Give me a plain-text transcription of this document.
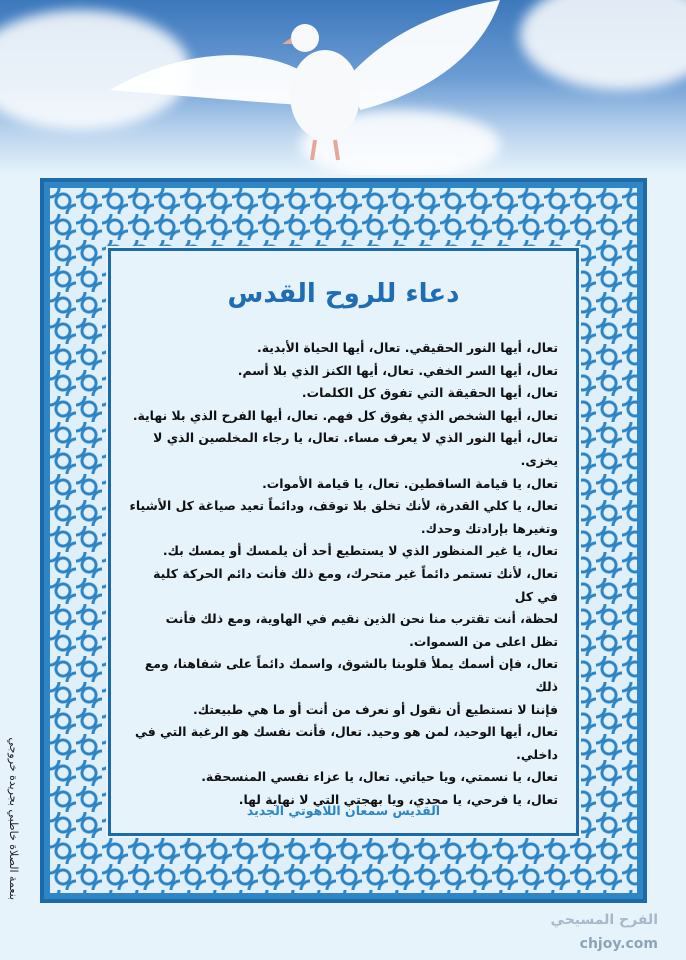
دعاء للروح القدس

تعال، أيها النور الحقيقي. تعال، أيها الحياة الأبدية.

تعال، أيها السر الخفي. تعال، أيها الكنز الذي بلا أسم.

تعال، أيها الحقيقة التي تفوق كل الكلمات.

تعال، أيها الشخص الذي يفوق كل فهم. تعال، أيها الفرح الذي بلا نهاية.

تعال، أيها النور الذي لا يعرف مساء. تعال، يا رجاء المخلصين الذي لا يخزى.

تعال، يا قيامة الساقطين. تعال، يا قيامة الأموات.

تعال، يا كلي القدرة، لأنك تخلق بلا توقف، ودائماً تعيد صياغة كل الأشياء

وتغيرها بإرادتك وحدك.

تعال، يا غير المنظور الذي لا يستطيع أحد أن يلمسك أو يمسك بك.

تعال، لأنك تستمر دائماً غير متحرك، ومع ذلك فأنت دائم الحركة كلية في كل

لحظة، أنت تقترب منا نحن الذين نقيم في الهاوية، ومع ذلك فأنت

تظل اعلى من السموات.

تعال، فإن أسمك يملأ قلوبنا بالشوق، واسمك دائماً على شفاهنا، ومع ذلك

فإننا لا نستطيع أن نقول أو نعرف من أنت أو ما هي طبيعتك.

تعال، أيها الوحيد، لمن هو وحيد. تعال، فأنت نفسك هو الرغبة التي في داخلي.

تعال، يا نسمتي، ويا حياتي. تعال، يا عزاء نفسي المنسحقة.

تعال، يا فرحي، يا مجدي، ويا بهجتي التي لا نهاية لها.

القديس سمعان اللاهوتي الجديد
بنعمة الصلاة خاطبي بجريدة خروجي
الفرح المسيحي
chjoy.com
